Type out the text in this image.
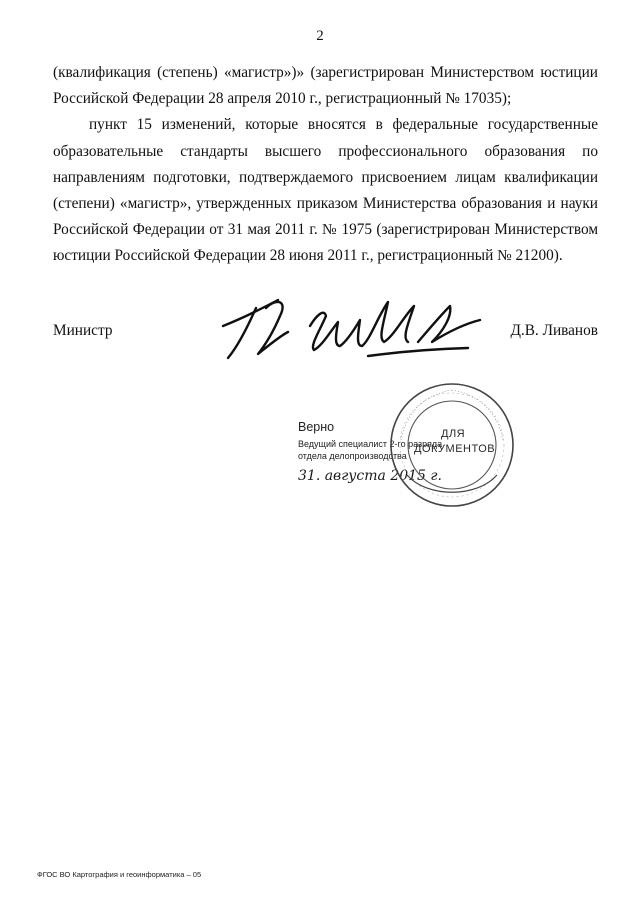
2

(квалификация (степень) «магистр»)» (зарегистрирован Министерством юстиции Российской Федерации 28 апреля 2010 г., регистрационный № 17035);

пункт 15 изменений, которые вносятся в федеральные государственные образовательные стандарты высшего профессионального образования по направлениям подготовки, подтверждаемого присвоением лицам квалификации (степени) «магистр», утвержденных приказом Министерства образования и науки Российской Федерации от 31 мая 2011 г. № 1975 (зарегистрирован Министерством юстиции Российской Федерации 28 июня 2011 г., регистрационный № 21200).

Министр	Д.В. Ливанов
Верно
Ведущий специалист 2-го разряда отдела делопроизводства
31. августа 2015 г.
ДЛЯ
ДОКУМЕНТОВ
ФГОС ВО Картография и геоинформатика – 05
